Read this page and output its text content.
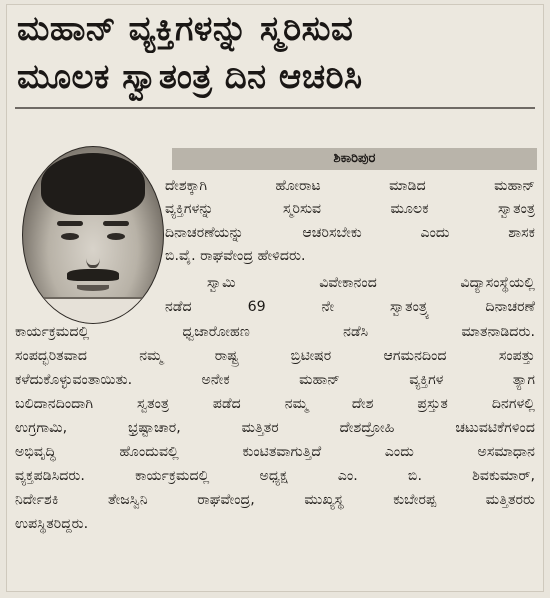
ಮಹಾನ್ ವ್ಯಕ್ತಿಗಳನ್ನು ಸ್ಮರಿಸುವ
ಮೂಲಕ ಸ್ವಾತಂತ್ರ ದಿನ ಆಚರಿಸಿ
ಶಿಕಾರಿಪುರ
ದೇಶಕ್ಕಾಗಿ ಹೋರಾಟ ಮಾಡಿದ ಮಹಾನ್
ವ್ಯಕ್ತಿಗಳನ್ನು ಸ್ಮರಿಸುವ ಮೂಲಕ ಸ್ವಾತಂತ್ರ
ದಿನಾಚರಣೆಯನ್ನು ಆಚರಿಸಬೇಕು ಎಂದು ಶಾಸಕ
ಬಿ.ವೈ. ರಾಘವೇಂದ್ರ ಹೇಳಿದರು.
ಸ್ವಾಮಿ ವಿವೇಕಾನಂದ ವಿದ್ಯಾಸಂಸ್ಥೆಯಲ್ಲಿ
ನಡೆದ 69 ನೇ ಸ್ವಾತಂತ್ರ್ಯ ದಿನಾಚರಣೆ
ಕಾರ್ಯಕ್ರಮದಲ್ಲಿ ಧ್ವಜಾರೋಹಣ ನಡೆಸಿ ಮಾತನಾಡಿದರು.
ಸಂಪದ್ಭರಿತವಾದ ನಮ್ಮ ರಾಷ್ಟ್ರ ಬ್ರಿಟೀಷರ ಆಗಮನದಿಂದ ಸಂಪತ್ತು
ಕಳೆದುಕೊಳ್ಳುವಂತಾಯಿತು. ಅನೇಕ ಮಹಾನ್ ವ್ಯಕ್ತಿಗಳ ತ್ಯಾಗ
ಬಲಿದಾನದಿಂದಾಗಿ ಸ್ವತಂತ್ರ ಪಡೆದ ನಮ್ಮ ದೇಶ ಪ್ರಸ್ತುತ ದಿನಗಳಲ್ಲಿ
ಉಗ್ರಗಾಮಿ, ಭ್ರಷ್ಟಾಚಾರ, ಮತ್ತಿತರ ದೇಶದ್ರೋಹಿ ಚಟುವಟಿಕೆಗಳಿಂದ
ಅಭಿವೃದ್ಧಿ ಹೊಂದುವಲ್ಲಿ ಕುಂಟಿತವಾಗುತ್ತಿದೆ ಎಂದು ಅಸಮಾಧಾನ
ವ್ಯಕ್ತಪಡಿಸಿದರು. ಕಾರ್ಯಕ್ರಮದಲ್ಲಿ ಅಧ್ಯಕ್ಷ ಎಂ. ಬಿ. ಶಿವಕುಮಾರ್,
ನಿರ್ದೇಶಕಿ ತೇಜಸ್ವಿನಿ ರಾಘವೇಂದ್ರ, ಮುಖ್ಯಸ್ಥ ಕುಬೇರಪ್ಪ ಮತ್ತಿತರರು
ಉಪಸ್ಥಿತರಿದ್ದರು.
